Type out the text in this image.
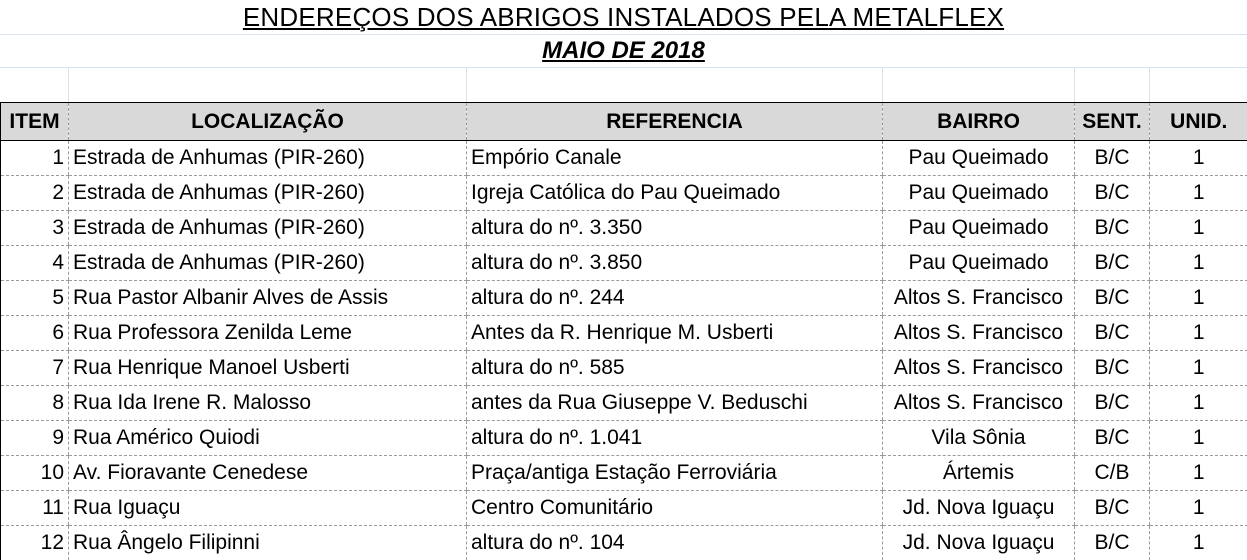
ENDEREÇOS DOS ABRIGOS INSTALADOS PELA METALFLEX
MAIO DE 2018
ITEM	LOCALIZAÇÃO	REFERENCIA	BAIRRO	SENT.	UNID.
1	Estrada de Anhumas (PIR-260)	Empório Canale	Pau Queimado	B/C	1
2	Estrada de Anhumas (PIR-260)	Igreja Católica do Pau Queimado	Pau Queimado	B/C	1
3	Estrada de Anhumas (PIR-260)	altura do nº. 3.350	Pau Queimado	B/C	1
4	Estrada de Anhumas (PIR-260)	altura do nº. 3.850	Pau Queimado	B/C	1
5	Rua Pastor Albanir Alves de Assis	altura do nº. 244	Altos S. Francisco	B/C	1
6	Rua Professora Zenilda Leme	Antes da R. Henrique M. Usberti	Altos S. Francisco	B/C	1
7	Rua Henrique Manoel Usberti	altura do nº. 585	Altos S. Francisco	B/C	1
8	Rua Ida Irene R. Malosso	antes da Rua Giuseppe V. Beduschi	Altos S. Francisco	B/C	1
9	Rua Américo Quiodi	altura do nº. 1.041	Vila Sônia	B/C	1
10	Av. Fioravante Cenedese	Praça/antiga Estação Ferroviária	Ártemis	C/B	1
11	Rua Iguaçu	Centro Comunitário	Jd. Nova Iguaçu	B/C	1
12	Rua Ângelo Filipinni	altura do nº. 104	Jd. Nova Iguaçu	B/C	1
